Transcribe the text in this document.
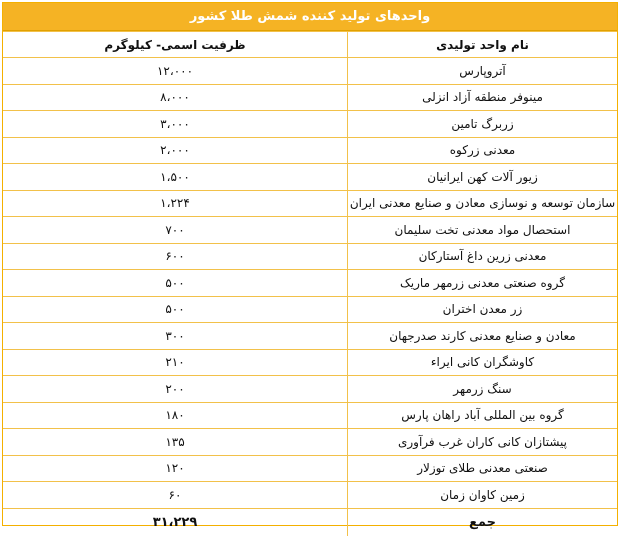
واحدهای تولید کننده شمش طلا کشور
نام واحد تولیدی	ظرفیت اسمی- کیلوگرم
آتروپارس	۱۲،۰۰۰
مینوفر منطقه آزاد انزلی	۸،۰۰۰
زربرگ تامین	۳،۰۰۰
معدنی زرکوه	۲،۰۰۰
زیور آلات کهن ایرانیان	۱،۵۰۰
سازمان توسعه و نوسازی معادن و صنایع معدنی ایران	۱،۲۲۴
استحصال مواد معدنی تخت سلیمان	۷۰۰
معدنی زرین داغ آستارکان	۶۰۰
گروه صنعتی معدنی زرمهر ماریک	۵۰۰
زر معدن اختران	۵۰۰
معادن و صنایع معدنی کارند صدرجهان	۳۰۰
کاوشگران کانی ایراء	۲۱۰
سنگ زرمهر	۲۰۰
گروه بین المللی آباد راهان پارس	۱۸۰
پیشتازان کانی کاران غرب فرآوری	۱۳۵
صنعتی معدنی طلای توزلار	۱۲۰
زمین کاوان زمان	۶۰
جمع	۳۱،۲۲۹
